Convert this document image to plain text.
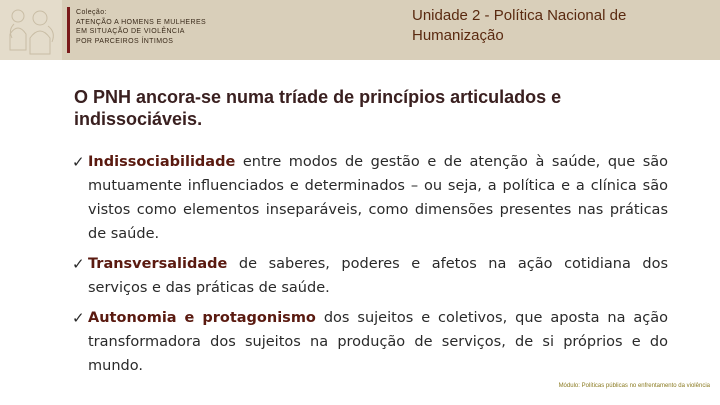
Coleção:
ATENÇÃO A HOMENS E MULHERES
EM SITUAÇÃO DE VIOLÊNCIA
POR PARCEIROS ÍNTIMOS
Unidade 2 - Política Nacional de Humanização
O PNH ancora-se numa tríade de princípios articulados e indissociáveis.
✓ Indissociabilidade entre modos de gestão e de atenção à saúde, que são mutuamente influenciados e determinados – ou seja, a política e a clínica são vistos como elementos inseparáveis, como dimensões presentes nas práticas de saúde.
✓ Transversalidade de saberes, poderes e afetos na ação cotidiana dos serviços e das práticas de saúde.
✓ Autonomia e protagonismo dos sujeitos e coletivos, que aposta na ação transformadora dos sujeitos na produção de serviços, de si próprios e do mundo.
Módulo: Políticas públicas no enfrentamento da violência
